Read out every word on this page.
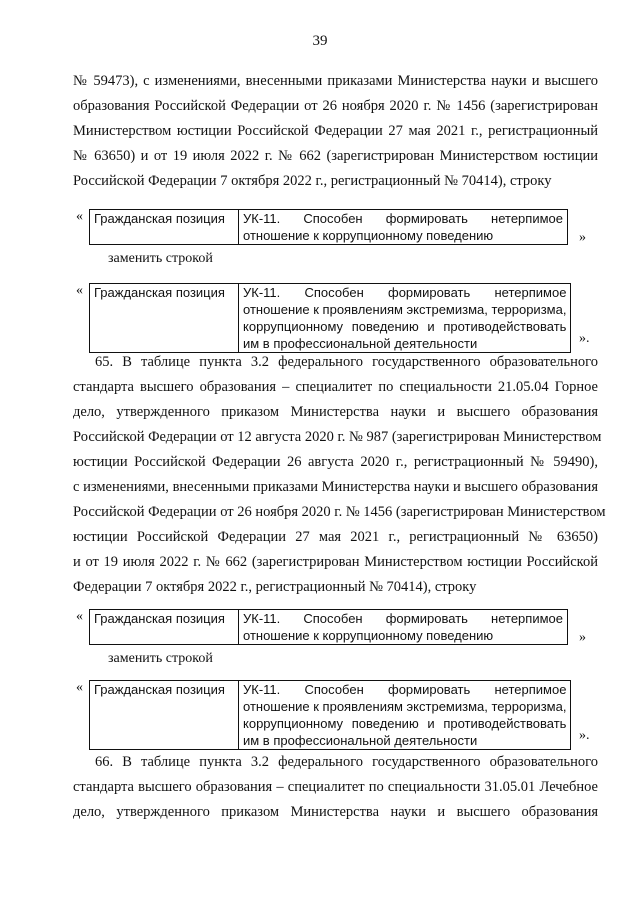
39
№ 59473), с изменениями, внесенными приказами Министерства науки и высшего
образования Российской Федерации от 26 ноября 2020 г. № 1456 (зарегистрирован
Министерством юстиции Российской Федерации 27 мая 2021 г., регистрационный
№ 63650) и от 19 июля 2022 г. № 662 (зарегистрирован Министерством юстиции
Российской Федерации 7 октября 2022 г., регистрационный № 70414), строку
« Гражданская позиция	УК-11. Способен формировать нетерпимое
отношение к коррупционному поведению	»
заменить строкой
« Гражданская позиция	УК-11. Способен формировать нетерпимое
отношение к проявлениям экстремизма, терроризма,
коррупционному поведению и противодействовать
им в профессиональной деятельности	».
65. В таблице пункта 3.2 федерального государственного образовательного
стандарта высшего образования – специалитет по специальности 21.05.04 Горное
дело, утвержденного приказом Министерства науки и высшего образования
Российской Федерации от 12 августа 2020 г. № 987 (зарегистрирован Министерством
юстиции Российской Федерации 26 августа 2020 г., регистрационный № 59490),
с изменениями, внесенными приказами Министерства науки и высшего образования
Российской Федерации от 26 ноября 2020 г. № 1456 (зарегистрирован Министерством
юстиции Российской Федерации 27 мая 2021 г., регистрационный № 63650)
и от 19 июля 2022 г. № 662 (зарегистрирован Министерством юстиции Российской
Федерации 7 октября 2022 г., регистрационный № 70414), строку
« Гражданская позиция	УК-11. Способен формировать нетерпимое
отношение к коррупционному поведению	»
заменить строкой
« Гражданская позиция	УК-11. Способен формировать нетерпимое
отношение к проявлениям экстремизма, терроризма,
коррупционному поведению и противодействовать
им в профессиональной деятельности	».
66. В таблице пункта 3.2 федерального государственного образовательного
стандарта высшего образования – специалитет по специальности 31.05.01 Лечебное
дело, утвержденного приказом Министерства науки и высшего образования
